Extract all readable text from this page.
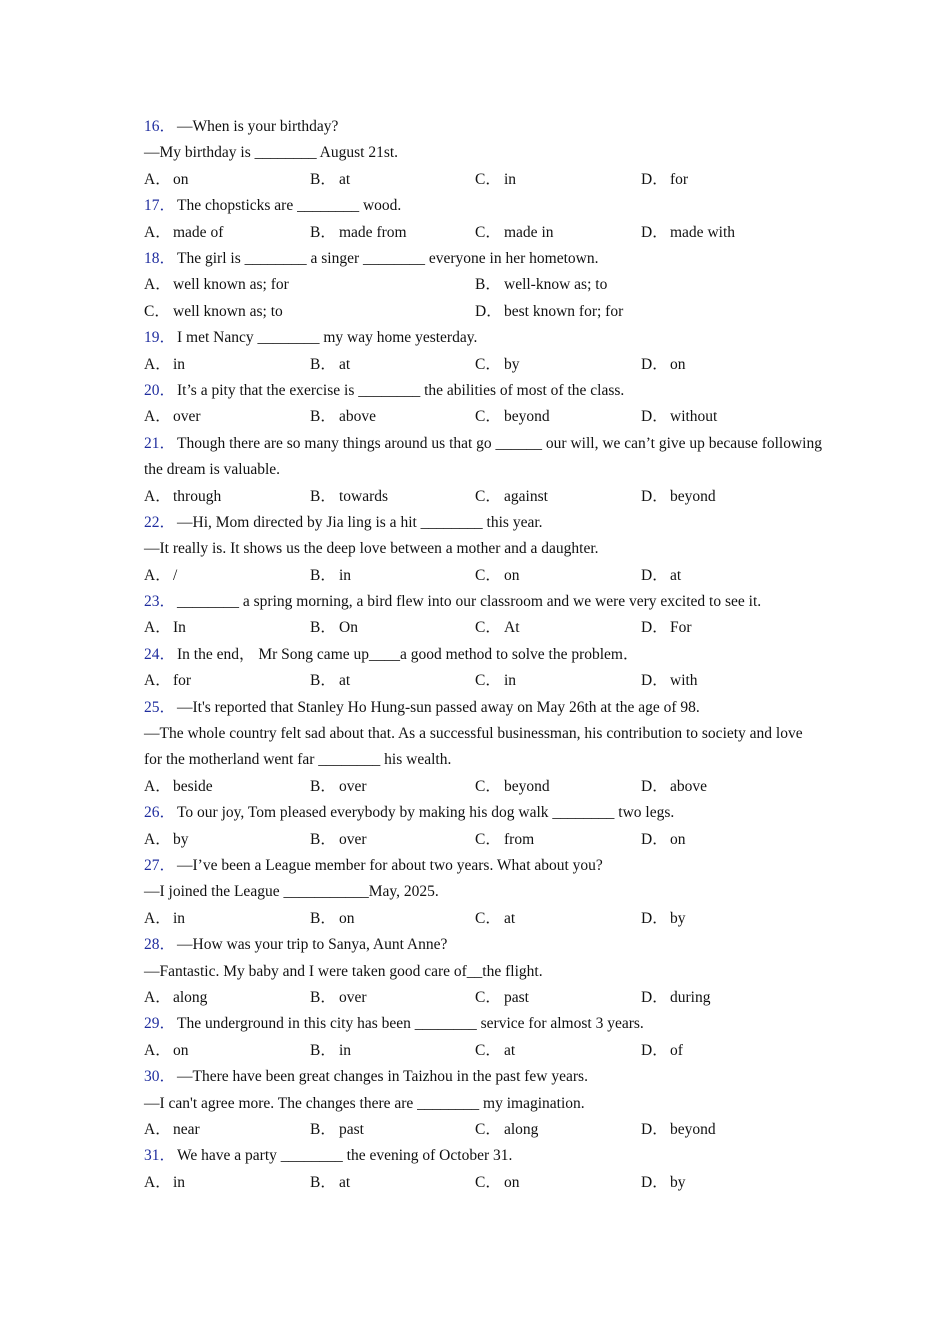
16． —When is your birthday?
—My birthday is ________ August 21st.
A． on	B． at	C． in	D． for
17． The chopsticks are ________ wood.
A． made of	B． made from	C． made in	D． made with
18． The girl is ________ a singer ________ everyone in her hometown.
A． well known as; for	B． well-know as; to
C． well known as; to	D． best known for; for
19． I met Nancy ________ my way home yesterday.
A． in	B． at	C． by	D． on
20． It’s a pity that the exercise is ________ the abilities of most of the class.
A． over	B． above	C． beyond	D． without
21． Though there are so many things around us that go ______ our will, we can’t give up because following the dream is valuable.
A． through	B． towards	C． against	D． beyond
22． —Hi, Mom directed by Jia ling is a hit ________ this year.
—It really is. It shows us the deep love between a mother and a daughter.
A． /	B． in	C． on	D． at
23． ________ a spring morning, a bird flew into our classroom and we were very excited to see it.
A． In	B． On	C． At	D． For
24． In the end， Mr Song came up____a good method to solve the problem．
A． for	B． at	C． in	D． with
25． —It's reported that Stanley Ho Hung-sun passed away on May 26th at the age of 98.
—The whole country felt sad about that. As a successful businessman, his contribution to society and love for the motherland went far ________ his wealth.
A． beside	B． over	C． beyond	D． above
26． To our joy, Tom pleased everybody by making his dog walk ________ two legs.
A． by	B． over	C． from	D． on
27． —I’ve been a League member for about two years. What about you?
—I joined the League ___________May, 2025.
A． in	B． on	C． at	D． by
28． —How was your trip to Sanya, Aunt Anne?
—Fantastic. My baby and I were taken good care of__the flight.
A． along	B． over	C． past	D． during
29． The underground in this city has been ________ service for almost 3 years.
A． on	B． in	C． at	D． of
30． —There have been great changes in Taizhou in the past few years.
—I can't agree more. The changes there are ________ my imagination.
A． near	B． past	C． along	D． beyond
31． We have a party ________ the evening of October 31.
A． in	B． at	C． on	D． by
